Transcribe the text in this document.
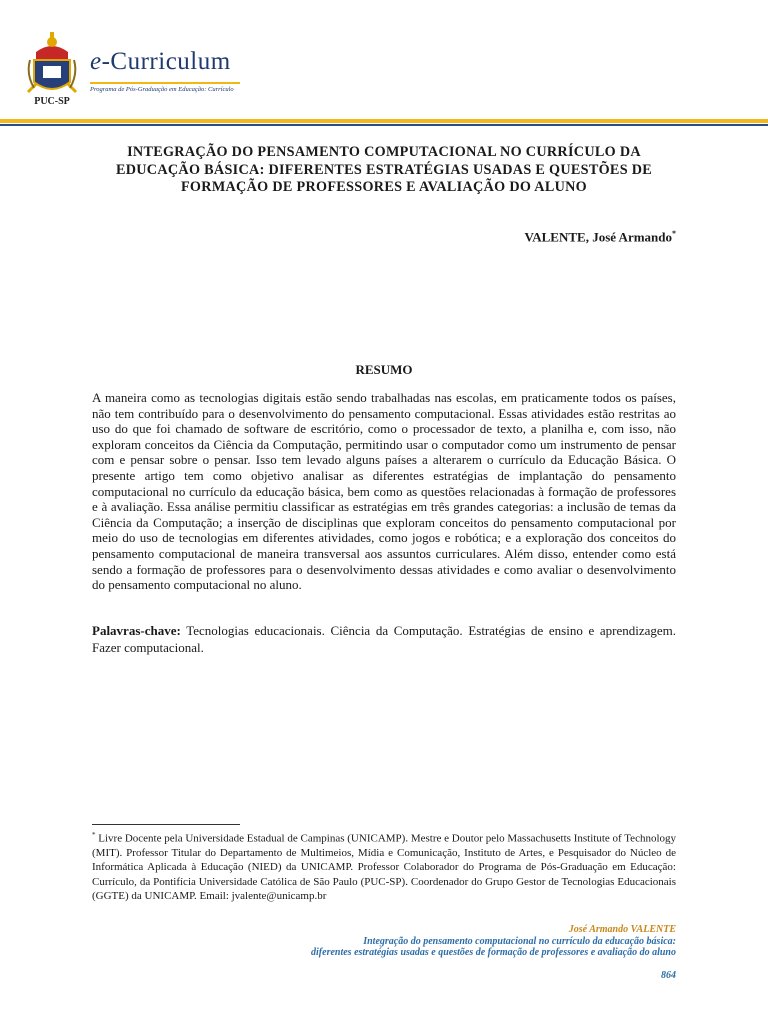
PUC-SP
e-Curriculum
Programa de Pós-Graduação em Educação: Currículo
INTEGRAÇÃO DO PENSAMENTO COMPUTACIONAL NO CURRÍCULO DA EDUCAÇÃO BÁSICA: DIFERENTES ESTRATÉGIAS USADAS E QUESTÕES DE FORMAÇÃO DE PROFESSORES E AVALIAÇÃO DO ALUNO
VALENTE, José Armando*
RESUMO
A maneira como as tecnologias digitais estão sendo trabalhadas nas escolas, em praticamente todos os países, não tem contribuído para o desenvolvimento do pensamento computacional. Essas atividades estão restritas ao uso do que foi chamado de software de escritório, como o processador de texto, a planilha e, com isso, não exploram conceitos da Ciência da Computação, permitindo usar o computador como um instrumento de pensar com e pensar sobre o pensar. Isso tem levado alguns países a alterarem o currículo da Educação Básica. O presente artigo tem como objetivo analisar as diferentes estratégias de implantação do pensamento computacional no currículo da educação básica, bem como as questões relacionadas à formação de professores e à avaliação. Essa análise permitiu classificar as estratégias em três grandes categorias: a inclusão de temas da Ciência da Computação; a inserção de disciplinas que exploram conceitos do pensamento computacional por meio do uso de tecnologias em diferentes atividades, como jogos e robótica; e a exploração dos conceitos do pensamento computacional de maneira transversal aos assuntos curriculares. Além disso, entender como está sendo a formação de professores para o desenvolvimento dessas atividades e como avaliar o desenvolvimento do pensamento computacional no aluno.
Palavras-chave: Tecnologias educacionais. Ciência da Computação. Estratégias de ensino e aprendizagem. Fazer computacional.
* Livre Docente pela Universidade Estadual de Campinas (UNICAMP). Mestre e Doutor pelo Massachusetts Institute of Technology (MIT). Professor Titular do Departamento de Multimeios, Mídia e Comunicação, Instituto de Artes, e Pesquisador do Núcleo de Informática Aplicada à Educação (NIED) da UNICAMP. Professor Colaborador do Programa de Pós-Graduação em Educação: Currículo, da Pontifícia Universidade Católica de São Paulo (PUC-SP). Coordenador do Grupo Gestor de Tecnologias Educacionais (GGTE) da UNICAMP. Email: jvalente@unicamp.br
José Armando VALENTE
Integração do pensamento computacional no currículo da educação básica:
diferentes estratégias usadas e questões de formação de professores e avaliação do aluno
864
